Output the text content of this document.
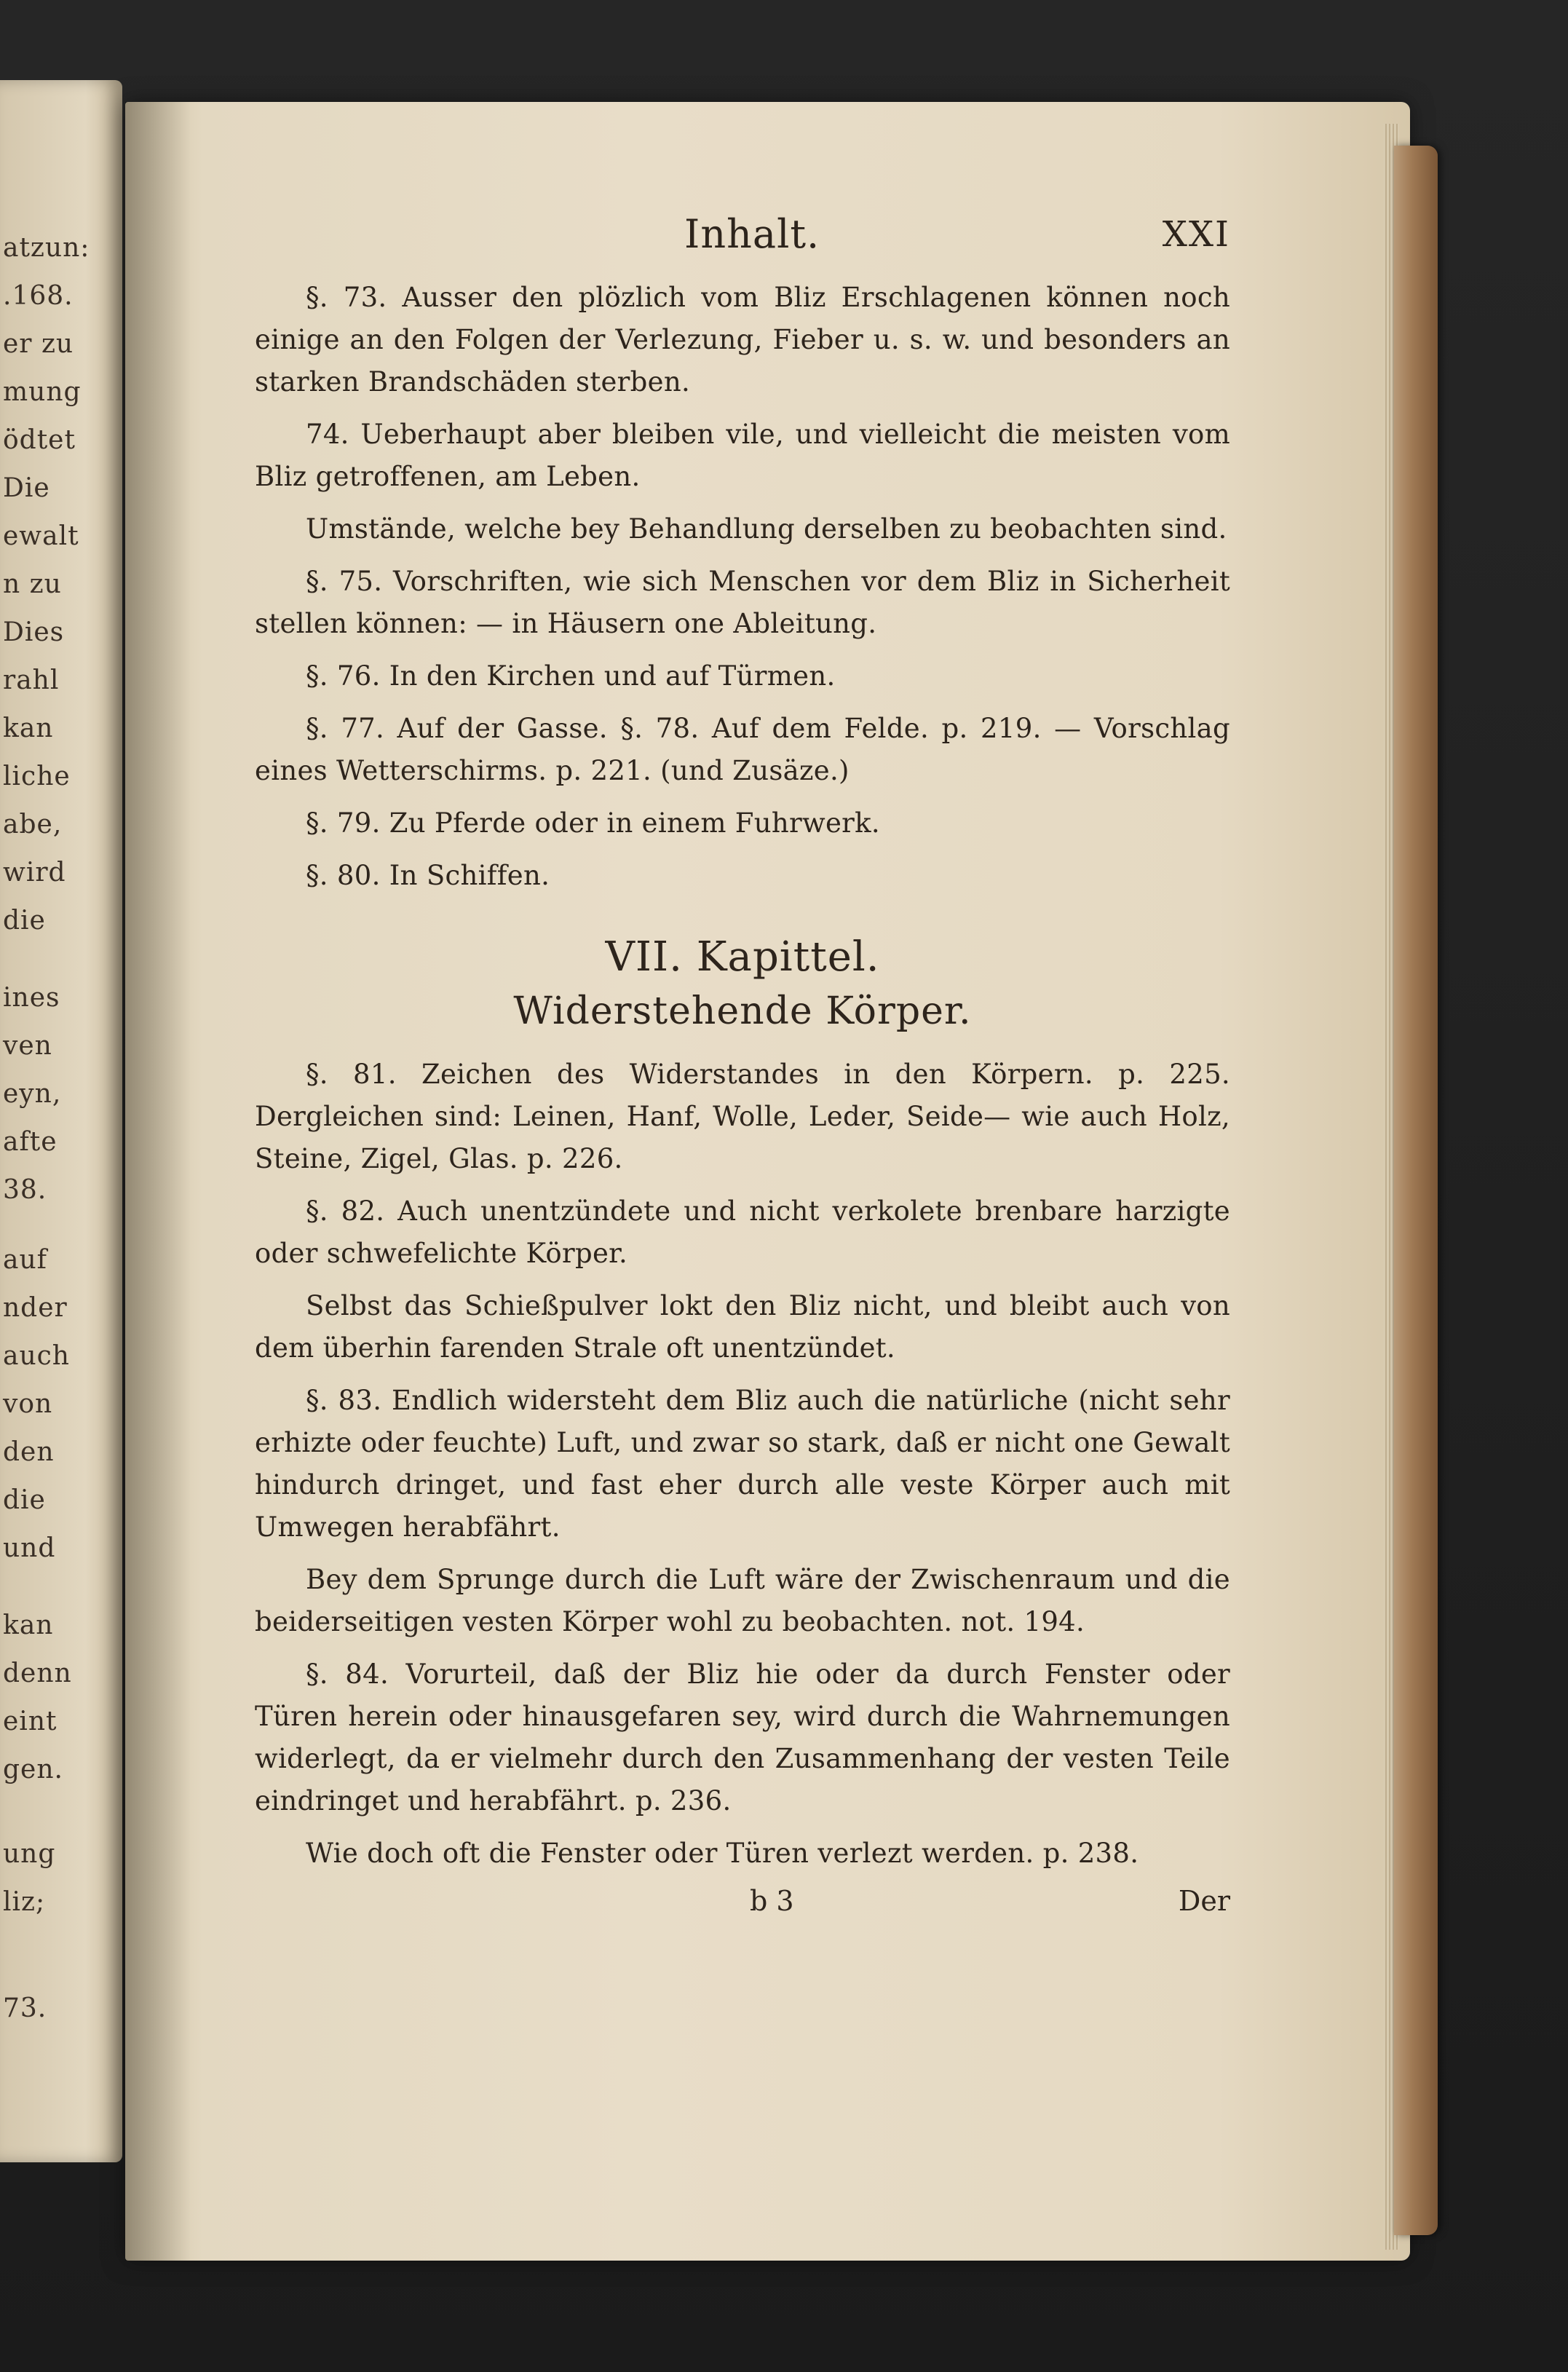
atzun:
.168.
er zu
mung
ödtet
Die
ewalt
n zu
Dies
rahl
kan
liche
abe,
wird
die
ines
ven
eyn,
afte
38.
auf
nder
auch
von
den
die
und
kan
denn
eint
gen.
ung
liz;
73.
Inhalt.	XXI

§. 73. Ausser den plözlich vom Bliz Erschlagenen können noch einige an den Folgen der Verlezung, Fieber u. s. w. und besonders an starken Brandschäden sterben.

74. Ueberhaupt aber bleiben vile, und vielleicht die meisten vom Bliz getroffenen, am Leben.

Umstände, welche bey Behandlung derselben zu beobachten sind.

§. 75. Vorschriften, wie sich Menschen vor dem Bliz in Sicherheit stellen können: — in Häusern one Ableitung.

§. 76. In den Kirchen und auf Türmen.

§. 77. Auf der Gasse. §. 78. Auf dem Felde. p. 219. — Vorschlag eines Wetterschirms. p. 221. (und Zusäze.)

§. 79. Zu Pferde oder in einem Fuhrwerk.

§. 80. In Schiffen.

VII. Kapittel.
Widerstehende Körper.

§. 81. Zeichen des Widerstandes in den Körpern. p. 225. Dergleichen sind: Leinen, Hanf, Wolle, Leder, Seide— wie auch Holz, Steine, Zigel, Glas. p. 226.

§. 82. Auch unentzündete und nicht verkolete brenbare harzigte oder schwefelichte Körper.

Selbst das Schießpulver lokt den Bliz nicht, und bleibt auch von dem überhin farenden Strale oft unentzündet.

§. 83. Endlich widersteht dem Bliz auch die natürliche (nicht sehr erhizte oder feuchte) Luft, und zwar so stark, daß er nicht one Gewalt hindurch dringet, und fast eher durch alle veste Körper auch mit Umwegen herabfährt.

Bey dem Sprunge durch die Luft wäre der Zwischenraum und die beiderseitigen vesten Körper wohl zu beobachten. not. 194.

§. 84. Vorurteil, daß der Bliz hie oder da durch Fenster oder Türen herein oder hinausgefaren sey, wird durch die Wahrnemungen widerlegt, da er vielmehr durch den Zusammenhang der vesten Teile eindringet und herabfährt. p. 236.

Wie doch oft die Fenster oder Türen verlezt werden. p. 238.

b 3	Der
